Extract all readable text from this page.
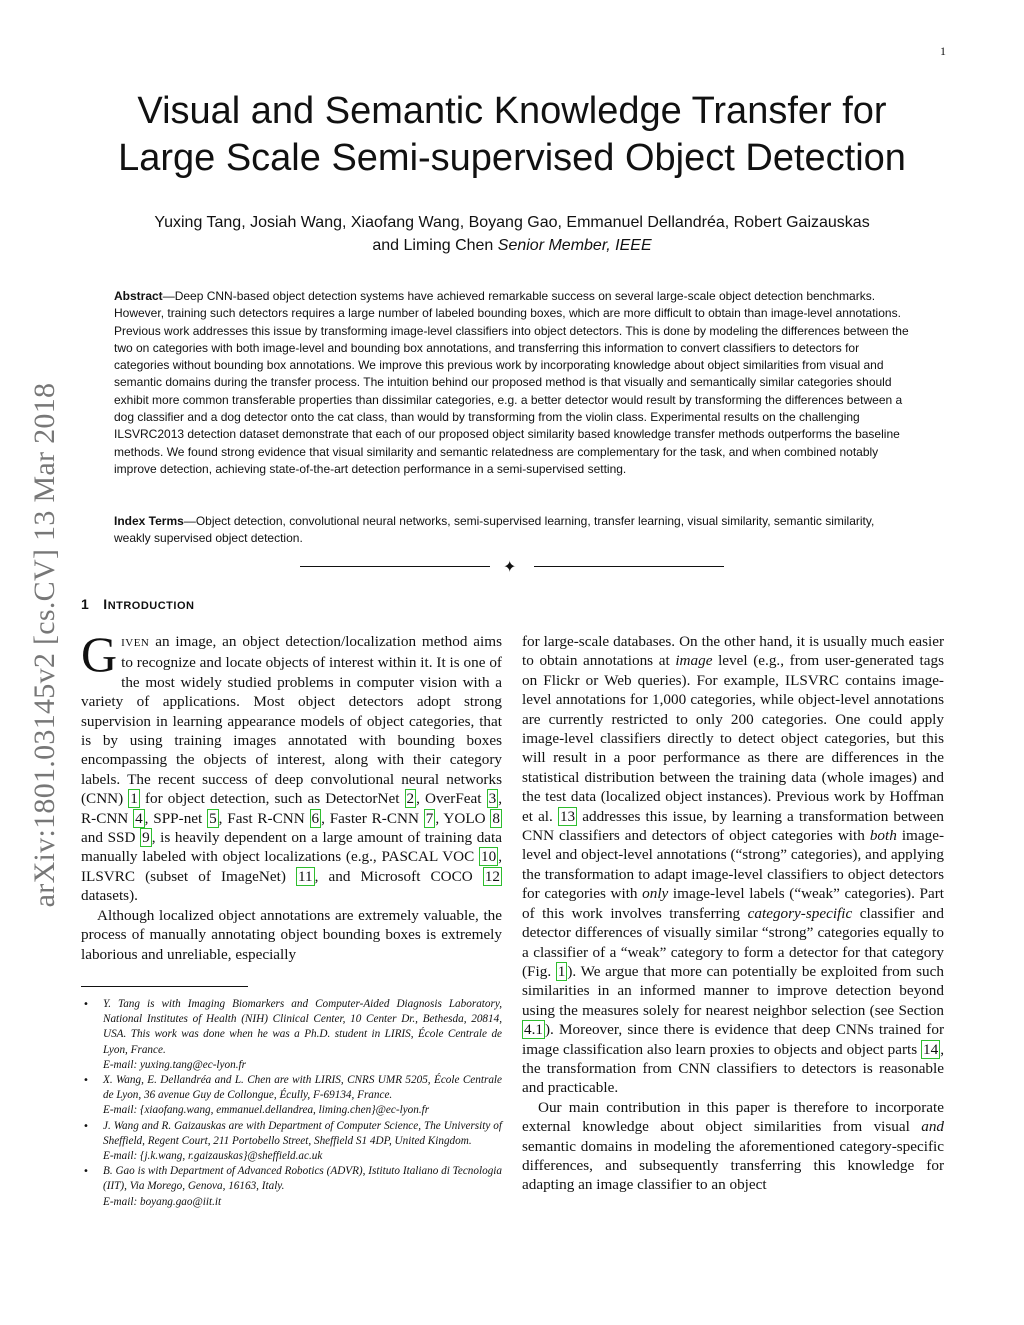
1
arXiv:1801.03145v2 [cs.CV] 13 Mar 2018
Visual and Semantic Knowledge Transfer for
Large Scale Semi-supervised Object Detection
Yuxing Tang, Josiah Wang, Xiaofang Wang, Boyang Gao, Emmanuel Dellandréa, Robert Gaizauskas
and Liming Chen Senior Member, IEEE
Abstract—Deep CNN-based object detection systems have achieved remarkable success on several large-scale object detection benchmarks. However, training such detectors requires a large number of labeled bounding boxes, which are more difficult to obtain than image-level annotations. Previous work addresses this issue by transforming image-level classifiers into object detectors. This is done by modeling the differences between the two on categories with both image-level and bounding box annotations, and transferring this information to convert classifiers to detectors for categories without bounding box annotations. We improve this previous work by incorporating knowledge about object similarities from visual and semantic domains during the transfer process. The intuition behind our proposed method is that visually and semantically similar categories should exhibit more common transferable properties than dissimilar categories, e.g. a better detector would result by transforming the differences between a dog classifier and a dog detector onto the cat class, than would by transforming from the violin class. Experimental results on the challenging ILSVRC2013 detection dataset demonstrate that each of our proposed object similarity based knowledge transfer methods outperforms the baseline methods. We found strong evidence that visual similarity and semantic relatedness are complementary for the task, and when combined notably improve detection, achieving state-of-the-art detection performance in a semi-supervised setting.
Index Terms—Object detection, convolutional neural networks, semi-supervised learning, transfer learning, visual similarity, semantic similarity, weakly supervised object detection.
✦
1 INTRODUCTION

GIVEN an image, an object detection/localization method aims to recognize and locate objects of interest within it. It is one of the most widely studied problems in computer vision with a variety of applications. Most object detectors adopt strong supervision in learning appearance models of object categories, that is by using training images annotated with bounding boxes encompassing the objects of interest, along with their category labels. The recent success of deep convolutional neural networks (CNN) 1 for object detection, such as DetectorNet 2 , OverFeat 3 , R-CNN 4 , SPP-net 5 , Fast R-CNN 6 , Faster R-CNN 7 , YOLO 8 and SSD 9 , is heavily dependent on a large amount of training data manually labeled with object localizations (e.g., PASCAL VOC 10 , ILSVRC (subset of ImageNet) 11 , and Microsoft COCO 12 datasets).

Although localized object annotations are extremely valuable, the process of manually annotating object bounding boxes is extremely laborious and unreliable, especially

• Y. Tang is with Imaging Biomarkers and Computer-Aided Diagnosis Laboratory, National Institutes of Health (NIH) Clinical Center, 10 Center Dr., Bethesda, 20814, USA. This work was done when he was a Ph.D. student in LIRIS, École Centrale de Lyon, France.
E-mail: yuxing.tang@ec-lyon.fr
• X. Wang, E. Dellandréa and L. Chen are with LIRIS, CNRS UMR 5205, École Centrale de Lyon, 36 avenue Guy de Collongue, Écully, F-69134, France.
E-mail: {xiaofang.wang, emmanuel.dellandrea, liming.chen}@ec-lyon.fr
• J. Wang and R. Gaizauskas are with Department of Computer Science, The University of Sheffield, Regent Court, 211 Portobello Street, Sheffield S1 4DP, United Kingdom.
E-mail: {j.k.wang, r.gaizauskas}@sheffield.ac.uk
• B. Gao is with Department of Advanced Robotics (ADVR), Istituto Italiano di Tecnologia (IIT), Via Morego, Genova, 16163, Italy.
E-mail: boyang.gao@iit.it

for large-scale databases. On the other hand, it is usually much easier to obtain annotations at image level (e.g., from user-generated tags on Flickr or Web queries). For example, ILSVRC contains image-level annotations for 1,000 categories, while object-level annotations are currently restricted to only 200 categories. One could apply image-level classifiers directly to detect object categories, but this will result in a poor performance as there are differences in the statistical distribution between the training data (whole images) and the test data (localized object instances). Previous work by Hoffman et al. 13 addresses this issue, by learning a transformation between CNN classifiers and detectors of object categories with both image-level and object-level annotations (“strong” categories), and applying the transformation to adapt image-level classifiers to object detectors for categories with only image-level labels (“weak” categories). Part of this work involves transferring category-specific classifier and detector differences of visually similar “strong” categories equally to a classifier of a “weak” category to form a detector for that category (Fig. 1 ). We argue that more can potentially be exploited from such similarities in an informed manner to improve detection beyond using the measures solely for nearest neighbor selection (see Section 4.1 ). Moreover, since there is evidence that deep CNNs trained for image classification also learn proxies to objects and object parts 14 , the transformation from CNN classifiers to detectors is reasonable and practicable.

Our main contribution in this paper is therefore to incorporate external knowledge about object similarities from visual and semantic domains in modeling the aforementioned category-specific differences, and subsequently transferring this knowledge for adapting an image classifier to an object
